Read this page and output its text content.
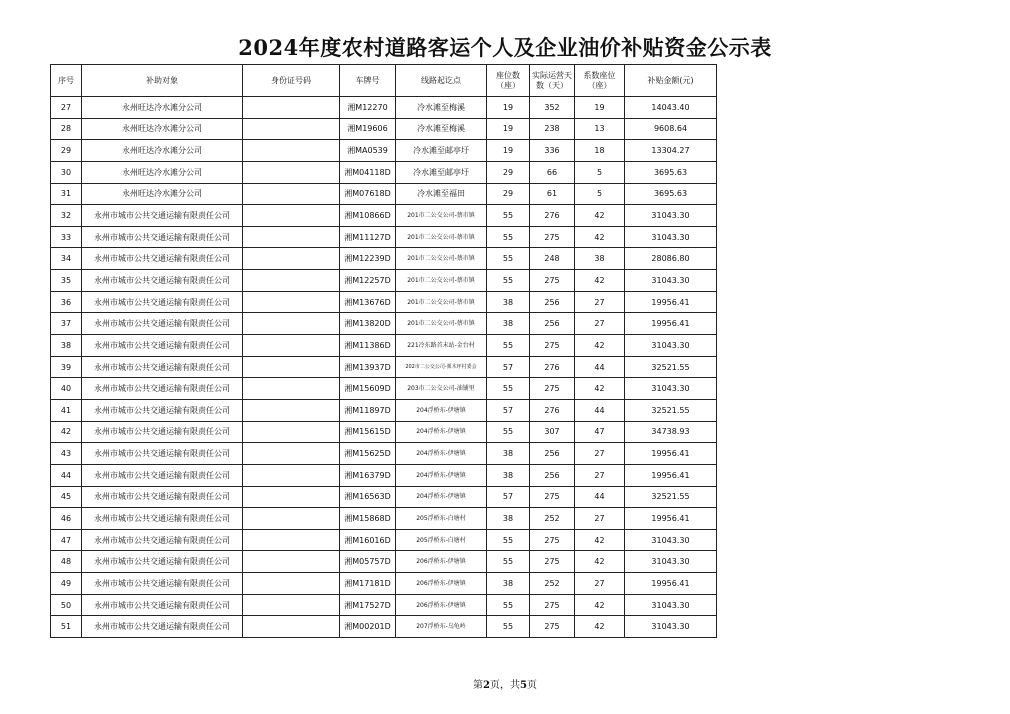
2024年度农村道路客运个人及企业油价补贴资金公示表
序号	补助对象	身份证号码	车牌号	线路起讫点	座位数（座）	实际运营天数（天）	系数座位（座）	补贴金额(元)
27	永州旺达冷水滩分公司		湘M12270	冷水滩至梅溪	19	352	19	14043.40
28	永州旺达冷水滩分公司		湘M19606	冷水滩至梅溪	19	238	13	9608.64
29	永州旺达冷水滩分公司		湘MA0539	冷水滩至邮亭圩	19	336	18	13304.27
30	永州旺达冷水滩分公司		湘M04118D	冷水滩至邮亭圩	29	66	5	3695.63
31	永州旺达冷水滩分公司		湘M07618D	冷水滩至福田	29	61	5	3695.63
32	永州市城市公共交通运输有限责任公司		湘M10866D	201市二公交公司-蔡市镇	55	276	42	31043.30
33	永州市城市公共交通运输有限责任公司		湘M11127D	201市二公交公司-蔡市镇	55	275	42	31043.30
34	永州市城市公共交通运输有限责任公司		湘M12239D	201市二公交公司-蔡市镇	55	248	38	28086.80
35	永州市城市公共交通运输有限责任公司		湘M12257D	201市二公交公司-蔡市镇	55	275	42	31043.30
36	永州市城市公共交通运输有限责任公司		湘M13676D	201市二公交公司-蔡市镇	38	256	27	19956.41
37	永州市城市公共交通运输有限责任公司		湘M13820D	201市二公交公司-蔡市镇	38	256	27	19956.41
38	永州市城市公共交通运输有限责任公司		湘M11386D	221冷东路首末站-金台村	55	275	42	31043.30
39	永州市城市公共交通运输有限责任公司		湘M13937D	202市二公交公司-栗木坪村委会	57	276	44	32521.55
40	永州市城市公共交通运输有限责任公司		湘M15609D	203市二公交公司-油铺里	55	275	42	31043.30
41	永州市城市公共交通运输有限责任公司		湘M11897D	204浮桥东-伊塘镇	57	276	44	32521.55
42	永州市城市公共交通运输有限责任公司		湘M15615D	204浮桥东-伊塘镇	55	307	47	34738.93
43	永州市城市公共交通运输有限责任公司		湘M15625D	204浮桥东-伊塘镇	38	256	27	19956.41
44	永州市城市公共交通运输有限责任公司		湘M16379D	204浮桥东-伊塘镇	38	256	27	19956.41
45	永州市城市公共交通运输有限责任公司		湘M16563D	204浮桥东-伊塘镇	57	275	44	32521.55
46	永州市城市公共交通运输有限责任公司		湘M15868D	205浮桥东-白塘村	38	252	27	19956.41
47	永州市城市公共交通运输有限责任公司		湘M16016D	205浮桥东-白塘村	55	275	42	31043.30
48	永州市城市公共交通运输有限责任公司		湘M05757D	206浮桥东-伊塘镇	55	275	42	31043.30
49	永州市城市公共交通运输有限责任公司		湘M17181D	206浮桥东-伊塘镇	38	252	27	19956.41
50	永州市城市公共交通运输有限责任公司		湘M17527D	206浮桥东-伊塘镇	55	275	42	31043.30
51	永州市城市公共交通运输有限责任公司		湘M00201D	207浮桥东-乌龟岭	55	275	42	31043.30
第2页，共5页
